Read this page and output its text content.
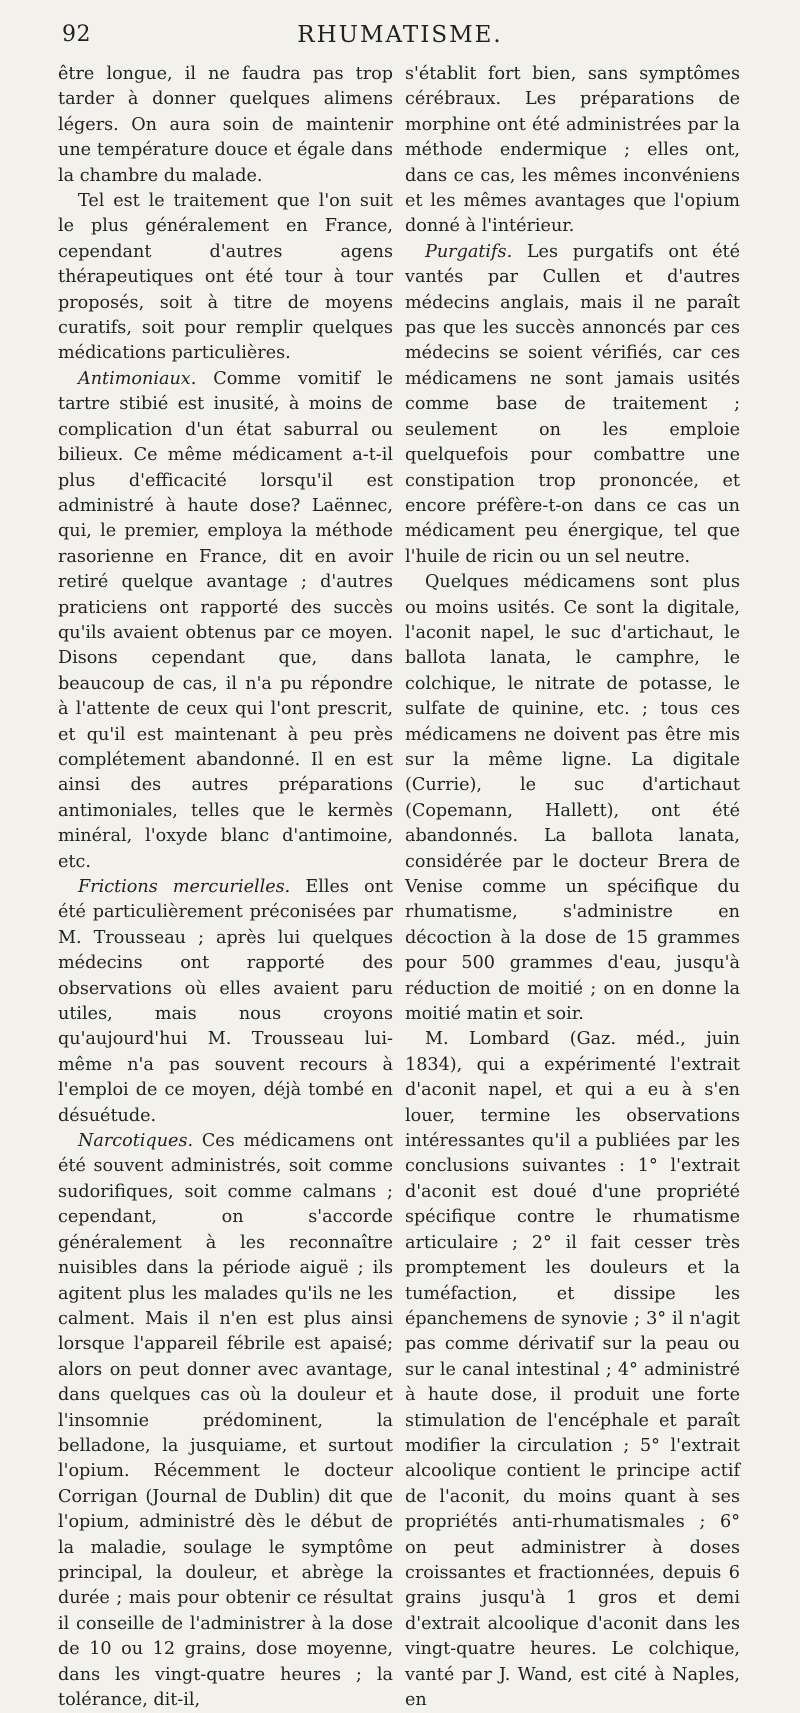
92	RHUMATISME.

être longue, il ne faudra pas trop tarder à donner quelques alimens légers. On aura soin de maintenir une température douce et égale dans la chambre du malade.

Tel est le traitement que l'on suit le plus généralement en France, cependant d'autres agens thérapeutiques ont été tour à tour proposés, soit à titre de moyens curatifs, soit pour remplir quelques médications particulières.

Antimoniaux. Comme vomitif le tartre stibié est inusité, à moins de complication d'un état saburral ou bilieux. Ce même médicament a-t-il plus d'efficacité lorsqu'il est administré à haute dose? Laënnec, qui, le premier, employa la méthode rasorienne en France, dit en avoir retiré quelque avantage ; d'autres praticiens ont rapporté des succès qu'ils avaient obtenus par ce moyen. Disons cependant que, dans beaucoup de cas, il n'a pu répondre à l'attente de ceux qui l'ont prescrit, et qu'il est maintenant à peu près complétement abandonné. Il en est ainsi des autres préparations antimoniales, telles que le kermès minéral, l'oxyde blanc d'antimoine, etc.

Frictions mercurielles. Elles ont été particulièrement préconisées par M. Trousseau ; après lui quelques médecins ont rapporté des observations où elles avaient paru utiles, mais nous croyons qu'aujourd'hui M. Trousseau lui-même n'a pas souvent recours à l'emploi de ce moyen, déjà tombé en désuétude.

Narcotiques. Ces médicamens ont été souvent administrés, soit comme sudorifiques, soit comme calmans ; cependant, on s'accorde généralement à les reconnaître nuisibles dans la période aiguë ; ils agitent plus les malades qu'ils ne les calment. Mais il n'en est plus ainsi lorsque l'appareil fébrile est apaisé; alors on peut donner avec avantage, dans quelques cas où la douleur et l'insomnie prédominent, la belladone, la jusquiame, et surtout l'opium. Récemment le docteur Corrigan (Journal de Dublin) dit que l'opium, administré dès le début de la maladie, soulage le symptôme principal, la douleur, et abrège la durée ; mais pour obtenir ce résultat il conseille de l'administrer à la dose de 10 ou 12 grains, dose moyenne, dans les vingt-quatre heures ; la tolérance, dit-il,

s'établit fort bien, sans symptômes cérébraux. Les préparations de morphine ont été administrées par la méthode endermique ; elles ont, dans ce cas, les mêmes inconvéniens et les mêmes avantages que l'opium donné à l'intérieur.

Purgatifs. Les purgatifs ont été vantés par Cullen et d'autres médecins anglais, mais il ne paraît pas que les succès annoncés par ces médecins se soient vérifiés, car ces médicamens ne sont jamais usités comme base de traitement ; seulement on les emploie quelquefois pour combattre une constipation trop prononcée, et encore préfère-t-on dans ce cas un médicament peu énergique, tel que l'huile de ricin ou un sel neutre.

Quelques médicamens sont plus ou moins usités. Ce sont la digitale, l'aconit napel, le suc d'artichaut, le ballota lanata, le camphre, le colchique, le nitrate de potasse, le sulfate de quinine, etc. ; tous ces médicamens ne doivent pas être mis sur la même ligne. La digitale (Currie), le suc d'artichaut (Copemann, Hallett), ont été abandonnés. La ballota lanata, considérée par le docteur Brera de Venise comme un spécifique du rhumatisme, s'administre en décoction à la dose de 15 grammes pour 500 grammes d'eau, jusqu'à réduction de moitié ; on en donne la moitié matin et soir.

M. Lombard (Gaz. méd., juin 1834), qui a expérimenté l'extrait d'aconit napel, et qui a eu à s'en louer, termine les observations intéressantes qu'il a publiées par les conclusions suivantes : 1° l'extrait d'aconit est doué d'une propriété spécifique contre le rhumatisme articulaire ; 2° il fait cesser très promptement les douleurs et la tuméfaction, et dissipe les épanchemens de synovie ; 3° il n'agit pas comme dérivatif sur la peau ou sur le canal intestinal ; 4° administré à haute dose, il produit une forte stimulation de l'encéphale et paraît modifier la circulation ; 5° l'extrait alcoolique contient le principe actif de l'aconit, du moins quant à ses propriétés anti-rhumatismales ; 6° on peut administrer à doses croissantes et fractionnées, depuis 6 grains jusqu'à 1 gros et demi d'extrait alcoolique d'aconit dans les vingt-quatre heures. Le colchique, vanté par J. Wand, est cité à Naples, en
